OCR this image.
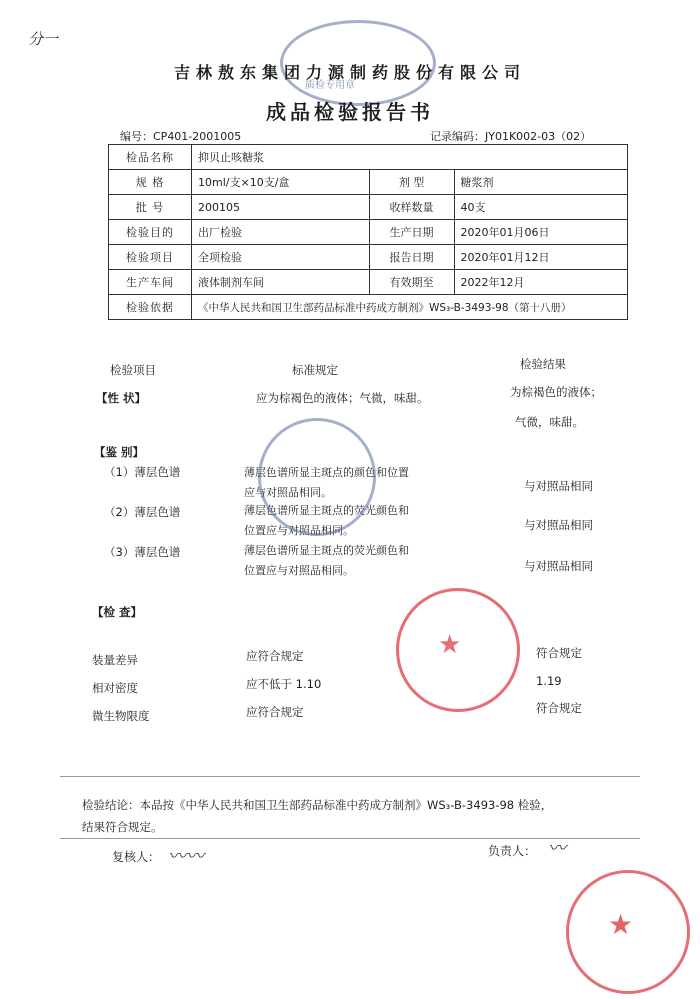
分一
质检专用章
吉林敖东集团力源制药股份有限公司
成品检验报告书
编号：CP401-2001005	记录编码：JY01K002-03（02）
检品名称	抑贝止咳糖浆		
规 格	10ml/支×10支/盒	剂 型	糖浆剂
批 号	200105	收样数量	40支
检验目的	出厂检验	生产日期	2020年01月06日
检验项目	全项检验	报告日期	2020年01月12日
生产车间	液体制剂车间	有效期至	2022年12月
检验依据	《中华人民共和国卫生部药品标准中药成方制剂》WS₃-B-3493-98（第十八册）		
检验项目	标准规定	检验结果
【性 状】	应为棕褐色的液体；气微，味甜。	为棕褐色的液体；
气微，味甜。
【鉴 别】
（1）薄层色谱	薄层色谱所显主斑点的颜色和位置
应与对照品相同。	与对照品相同
（2）薄层色谱	薄层色谱所显主斑点的荧光颜色和
位置应与对照品相同。	与对照品相同
（3）薄层色谱	薄层色谱所显主斑点的荧光颜色和
位置应与对照品相同。	与对照品相同
【检 查】
装量差异	应符合规定	符合规定
相对密度	应不低于 1.10	1.19
微生物限度	应符合规定	符合规定
★
检验结论：本品按《中华人民共和国卫生部药品标准中药成方制剂》WS₃-B-3493-98 检验，
结果符合规定。
复核人： 〰〰	负责人： 〰
★
